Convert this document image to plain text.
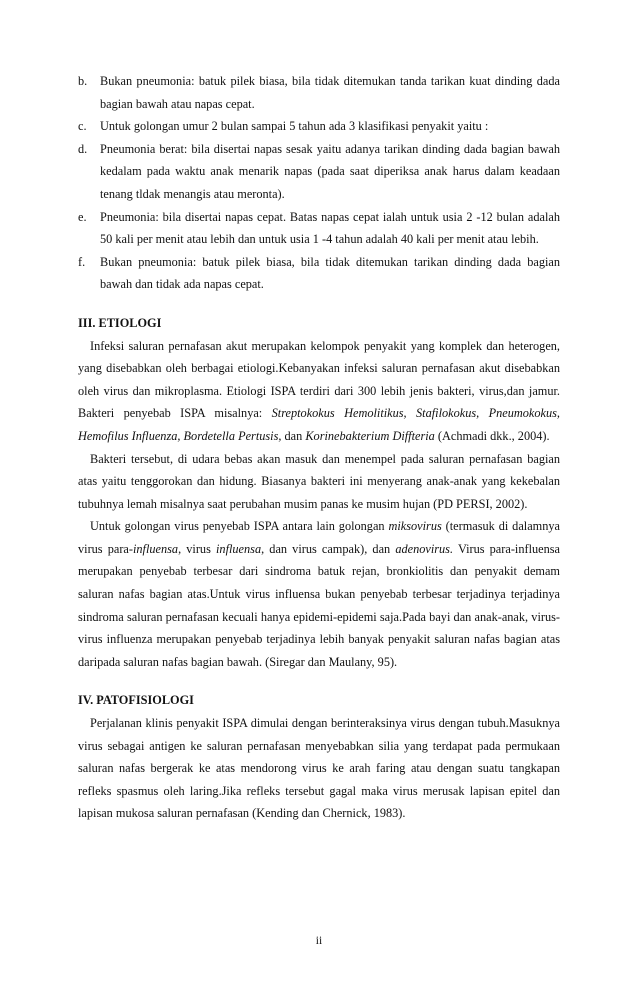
b. Bukan pneumonia: batuk pilek biasa, bila tidak ditemukan tanda tarikan kuat dinding dada bagian bawah atau napas cepat.
c. Untuk golongan umur 2 bulan sampai 5 tahun ada 3 klasifikasi penyakit yaitu :
d. Pneumonia berat: bila disertai napas sesak yaitu adanya tarikan dinding dada bagian bawah kedalam pada waktu anak menarik napas (pada saat diperiksa anak harus dalam keadaan tenang tldak menangis atau meronta).
e. Pneumonia: bila disertai napas cepat. Batas napas cepat ialah untuk usia 2 -12 bulan adalah 50 kali per menit atau lebih dan untuk usia 1 -4 tahun adalah 40 kali per menit atau lebih.
f. Bukan pneumonia: batuk pilek biasa, bila tidak ditemukan tarikan dinding dada bagian bawah dan tidak ada napas cepat.
III. ETIOLOGI
Infeksi saluran pernafasan akut merupakan kelompok penyakit yang komplek dan heterogen, yang disebabkan oleh berbagai etiologi.Kebanyakan infeksi saluran pernafasan akut disebabkan oleh virus dan mikroplasma. Etiologi ISPA terdiri dari 300 lebih jenis bakteri, virus,dan jamur. Bakteri penyebab ISPA misalnya: Streptokokus Hemolitikus, Stafilokokus, Pneumokokus, Hemofilus Influenza, Bordetella Pertusis, dan Korinebakterium Diffteria (Achmadi dkk., 2004).
Bakteri tersebut, di udara bebas akan masuk dan menempel pada saluran pernafasan bagian atas yaitu tenggorokan dan hidung. Biasanya bakteri ini menyerang anak-anak yang kekebalan tubuhnya lemah misalnya saat perubahan musim panas ke musim hujan (PD PERSI, 2002).
Untuk golongan virus penyebab ISPA antara lain golongan miksovirus (termasuk di dalamnya virus para-influensa, virus influensa, dan virus campak), dan adenovirus. Virus para-influensa merupakan penyebab terbesar dari sindroma batuk rejan, bronkiolitis dan penyakit demam saluran nafas bagian atas.Untuk virus influensa bukan penyebab terbesar terjadinya terjadinya sindroma saluran pernafasan kecuali hanya epidemi-epidemi saja.Pada bayi dan anak-anak, virus-virus influenza merupakan penyebab terjadinya lebih banyak penyakit saluran nafas bagian atas daripada saluran nafas bagian bawah. (Siregar dan Maulany, 95).
IV. PATOFISIOLOGI
Perjalanan klinis penyakit ISPA dimulai dengan berinteraksinya virus dengan tubuh.Masuknya virus sebagai antigen ke saluran pernafasan menyebabkan silia yang terdapat pada permukaan saluran nafas bergerak ke atas mendorong virus ke arah faring atau dengan suatu tangkapan refleks spasmus oleh laring.Jika refleks tersebut gagal maka virus merusak lapisan epitel dan lapisan mukosa saluran pernafasan (Kending dan Chernick, 1983).
ii
